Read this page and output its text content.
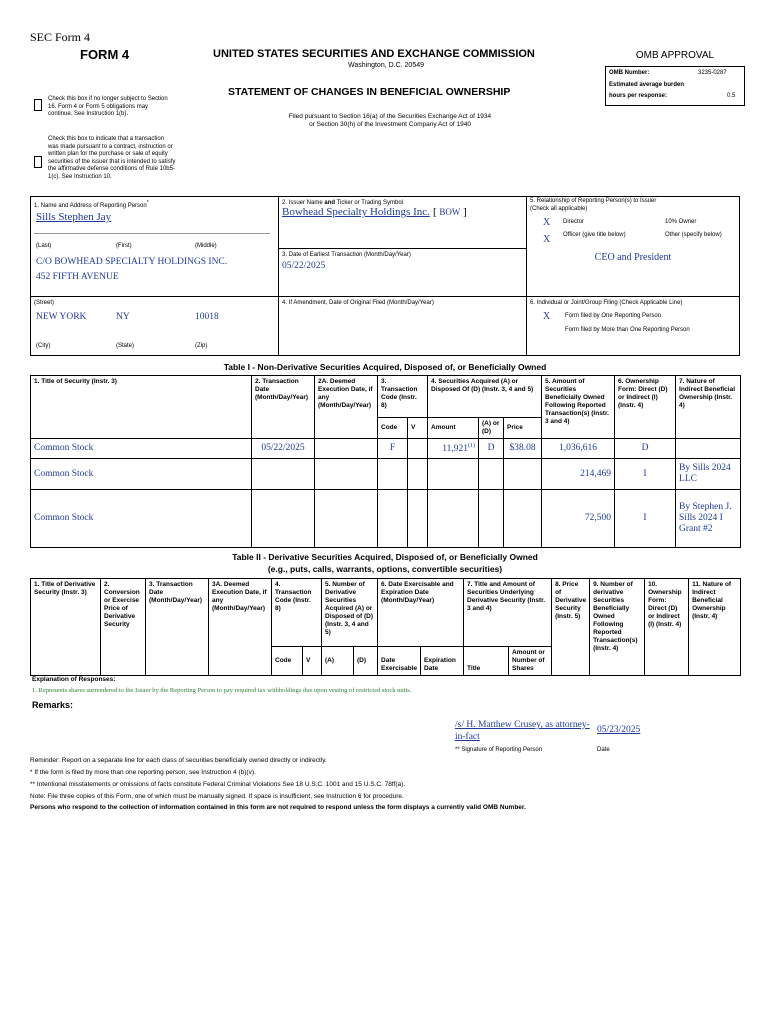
SEC Form 4
FORM 4	UNITED STATES SECURITIES AND EXCHANGE COMMISSION
Washington, D.C. 20549
STATEMENT OF CHANGES IN BENEFICIAL OWNERSHIP
Filed pursuant to Section 16(a) of the Securities Exchange Act of 1934
or Section 30(h) of the Investment Company Act of 1940
OMB APPROVAL
OMB Number:	3235-0287
Estimated average burden
hours per response:	0.5
Check this box if no longer subject to Section 16. Form 4 or Form 5 obligations may continue. See Instruction 1(b).
Check this box to indicate that a transaction was made pursuant to a contract, instruction or written plan for the purchase or sale of equity securities of the issuer that is intended to satisfy the affirmative defense conditions of Rule 10b5-1(c). See Instruction 10.
1. Name and Address of Reporting Person*
Sills Stephen Jay
(Last)	(First)	(Middle)
C/O BOWHEAD SPECIALTY HOLDINGS INC.
452 FIFTH AVENUE
(Street)
NEW YORK	NY	10018
(City)	(State)	(Zip)
2. Issuer Name and Ticker or Trading Symbol
Bowhead Specialty Holdings Inc. [ BOW ]
3. Date of Earliest Transaction (Month/Day/Year)
05/22/2025
4. If Amendment, Date of Original Filed (Month/Day/Year)
5. Relationship of Reporting Person(s) to Issuer
(Check all applicable)
X Director	10% Owner
X Officer (give title below)	Other (specify below)
CEO and President
6. Individual or Joint/Group Filing (Check Applicable Line)
X Form filed by One Reporting Person
Form filed by More than One Reporting Person
Table I - Non-Derivative Securities Acquired, Disposed of, or Beneficially Owned
1. Title of Security (Instr. 3)	2. Transaction Date (Month/Day/Year)	2A. Deemed Execution Date, if any (Month/Day/Year)	3. Transaction Code (Instr. 8)		4. Securities Acquired (A) or Disposed Of (D) (Instr. 3, 4 and 5)			5. Amount of Securities Beneficially Owned Following Reported Transaction(s) (Instr. 3 and 4)	6. Ownership Form: Direct (D) or Indirect (I) (Instr. 4)	7. Nature of Indirect Beneficial Ownership (Instr. 4)
			Code	V	Amount	(A) or (D)	Price			
Common Stock	05/22/2025		F		11,921$^{(1)}$	D	$38.08	1,036,616	D	
Common Stock								214,469	I	By Sills 2024 LLC
Common Stock								72,500	I	By Stephen J. Sills 2024 I Grant #2
Table II - Derivative Securities Acquired, Disposed of, or Beneficially Owned
(e.g., puts, calls, warrants, options, convertible securities)
1. Title of Derivative Security (Instr. 3)	2. Conversion or Exercise Price of Derivative Security	3. Transaction Date (Month/Day/Year)	3A. Deemed Execution Date, if any (Month/Day/Year)	4. Transaction Code (Instr. 8)		5. Number of Derivative Securities Acquired (A) or Disposed of (D) (Instr. 3, 4 and 5)		6. Date Exercisable and Expiration Date (Month/Day/Year)		7. Title and Amount of Securities Underlying Derivative Security (Instr. 3 and 4)		8. Price of Derivative Security (Instr. 5)	9. Number of derivative Securities Beneficially Owned Following Reported Transaction(s) (Instr. 4)	10. Ownership Form: Direct (D) or Indirect (I) (Instr. 4)	11. Nature of Indirect Beneficial Ownership (Instr. 4)
				Code	V	(A)	(D)	Date Exercisable	Expiration Date	Title	Amount or Number of Shares				
Explanation of Responses:
1. Represents shares surrendered to the Issuer by the Reporting Person to pay required tax withholdings due upon vesting of restricted stock units.
Remarks:
/s/ H. Matthew Crusey, as attorney-in-fact
05/23/2025
** Signature of Reporting Person	Date
Reminder: Report on a separate line for each class of securities beneficially owned directly or indirectly.
* If the form is filed by more than one reporting person, see Instruction 4 (b)(v).
** Intentional misstatements or omissions of facts constitute Federal Criminal Violations See 18 U.S.C. 1001 and 15 U.S.C. 78ff(a).
Note: File three copies of this Form, one of which must be manually signed. If space is insufficient, see Instruction 6 for procedure.
Persons who respond to the collection of information contained in this form are not required to respond unless the form displays a currently valid OMB Number.
